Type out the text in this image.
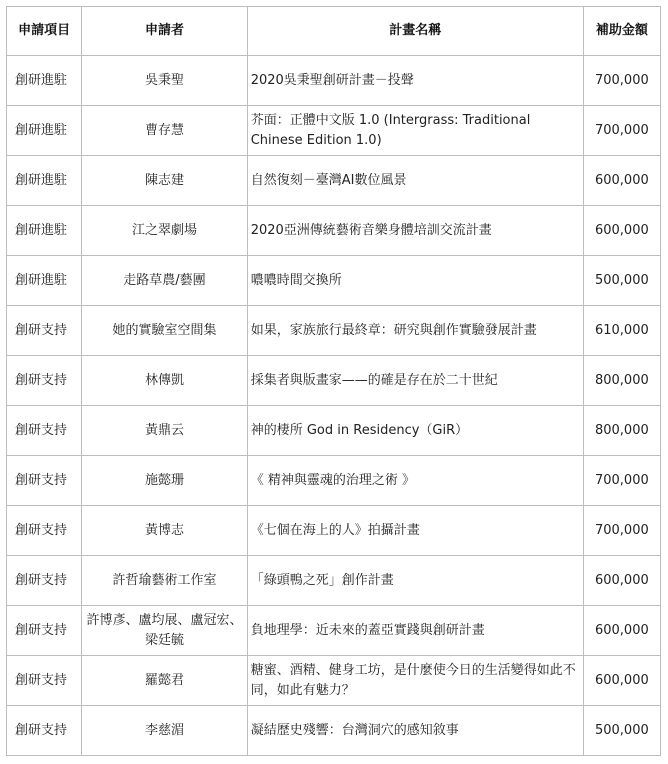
申請項目	申請者	計畫名稱	補助金額
創研進駐	吳秉聖	2020吳秉聖創研計畫－投聲	700,000
創研進駐	曹存慧	芥面：正體中文版 1.0 (Intergrass: Traditional Chinese Edition 1.0)	700,000
創研進駐	陳志建	自然復刻－臺灣AI數位風景	600,000
創研進駐	江之翠劇場	2020亞洲傳統藝術音樂身體培訓交流計畫	600,000
創研進駐	走路草農/藝團	噥噥時間交換所	500,000
創研支持	她的實驗室空間集	如果，家族旅行最終章：研究與創作實驗發展計畫	610,000
創研支持	林傳凱	採集者與版畫家——的確是存在於二十世紀	800,000
創研支持	黃鼎云	神的棲所 God in Residency（GiR）	800,000
創研支持	施懿珊	《 精神與靈魂的治理之術 》	700,000
創研支持	黃博志	《七個在海上的人》拍攝計畫	700,000
創研支持	許哲瑜藝術工作室	「綠頭鴨之死」創作計畫	600,000
創研支持	許博彥、盧均展、盧冠宏、梁廷毓	負地理學：近未來的蓋亞實踐與創研計畫	600,000
創研支持	羅懿君	糖蜜、酒精、健身工坊，是什麼使今日的生活變得如此不同，如此有魅力？	600,000
創研支持	李慈湄	凝結歷史殘響：台灣洞穴的感知敘事	500,000
